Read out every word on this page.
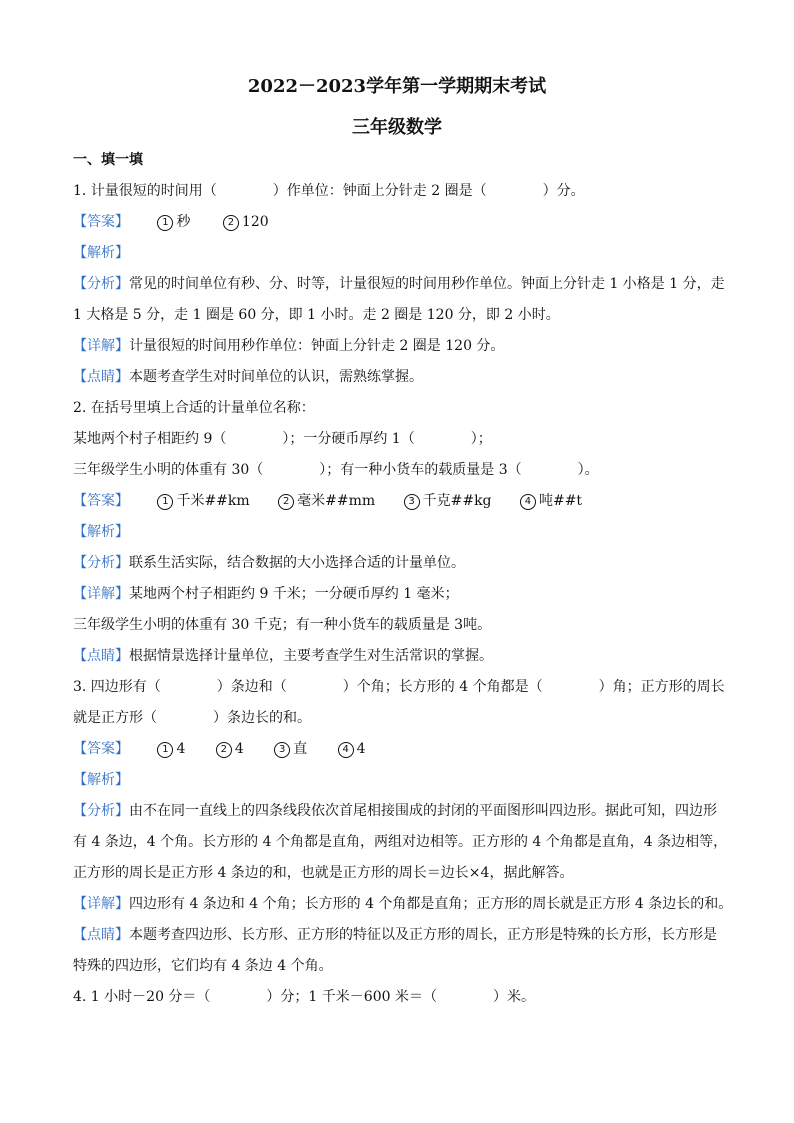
2022－2023学年第一学期期末考试
三年级数学
一、填一填
1. 计量很短的时间用（　　　　）作单位：钟面上分针走 2 圈是（　　　　）分。
【答案】	1 秒	2 120
【解析】
【分析】常见的时间单位有秒、分、时等，计量很短的时间用秒作单位。钟面上分针走 1 小格是 1 分，走
1 大格是 5 分，走 1 圈是 60 分，即 1 小时。走 2 圈是 120 分，即 2 小时。
【详解】计量很短的时间用秒作单位：钟面上分针走 2 圈是 120 分。
【点睛】本题考查学生对时间单位的认识，需熟练掌握。
2. 在括号里填上合适的计量单位名称：
某地两个村子相距约 9（　　　　）；一分硬币厚约 1（　　　　）；
三年级学生小明的体重有 30（　　　　）；有一种小货车的载质量是 3（　　　　）。
【答案】	1 千米##km	2 毫米##mm	3 千克##kg	4 吨##t
【解析】
【分析】联系生活实际，结合数据的大小选择合适的计量单位。
【详解】某地两个村子相距约 9 千米；一分硬币厚约 1 毫米；
三年级学生小明的体重有 30 千克；有一种小货车的载质量是 3吨。
【点睛】根据情景选择计量单位，主要考查学生对生活常识的掌握。
3. 四边形有（　　　　）条边和（　　　　）个角；长方形的 4 个角都是（　　　　）角；正方形的周长
就是正方形（　　　　）条边长的和。
【答案】	1 4	2 4	3 直	4 4
【解析】
【分析】由不在同一直线上的四条线段依次首尾相接围成的封闭的平面图形叫四边形。据此可知，四边形
有 4 条边，4 个角。长方形的 4 个角都是直角，两组对边相等。正方形的 4 个角都是直角，4 条边相等，
正方形的周长是正方形 4 条边的和，也就是正方形的周长＝边长×4，据此解答。
【详解】四边形有 4 条边和 4 个角；长方形的 4 个角都是直角；正方形的周长就是正方形 4 条边长的和。
【点睛】本题考查四边形、长方形、正方形的特征以及正方形的周长，正方形是特殊的长方形，长方形是
特殊的四边形，它们均有 4 条边 4 个角。
4. 1 小时－20 分＝（　　　　）分；1 千米－600 米＝（　　　　）米。
